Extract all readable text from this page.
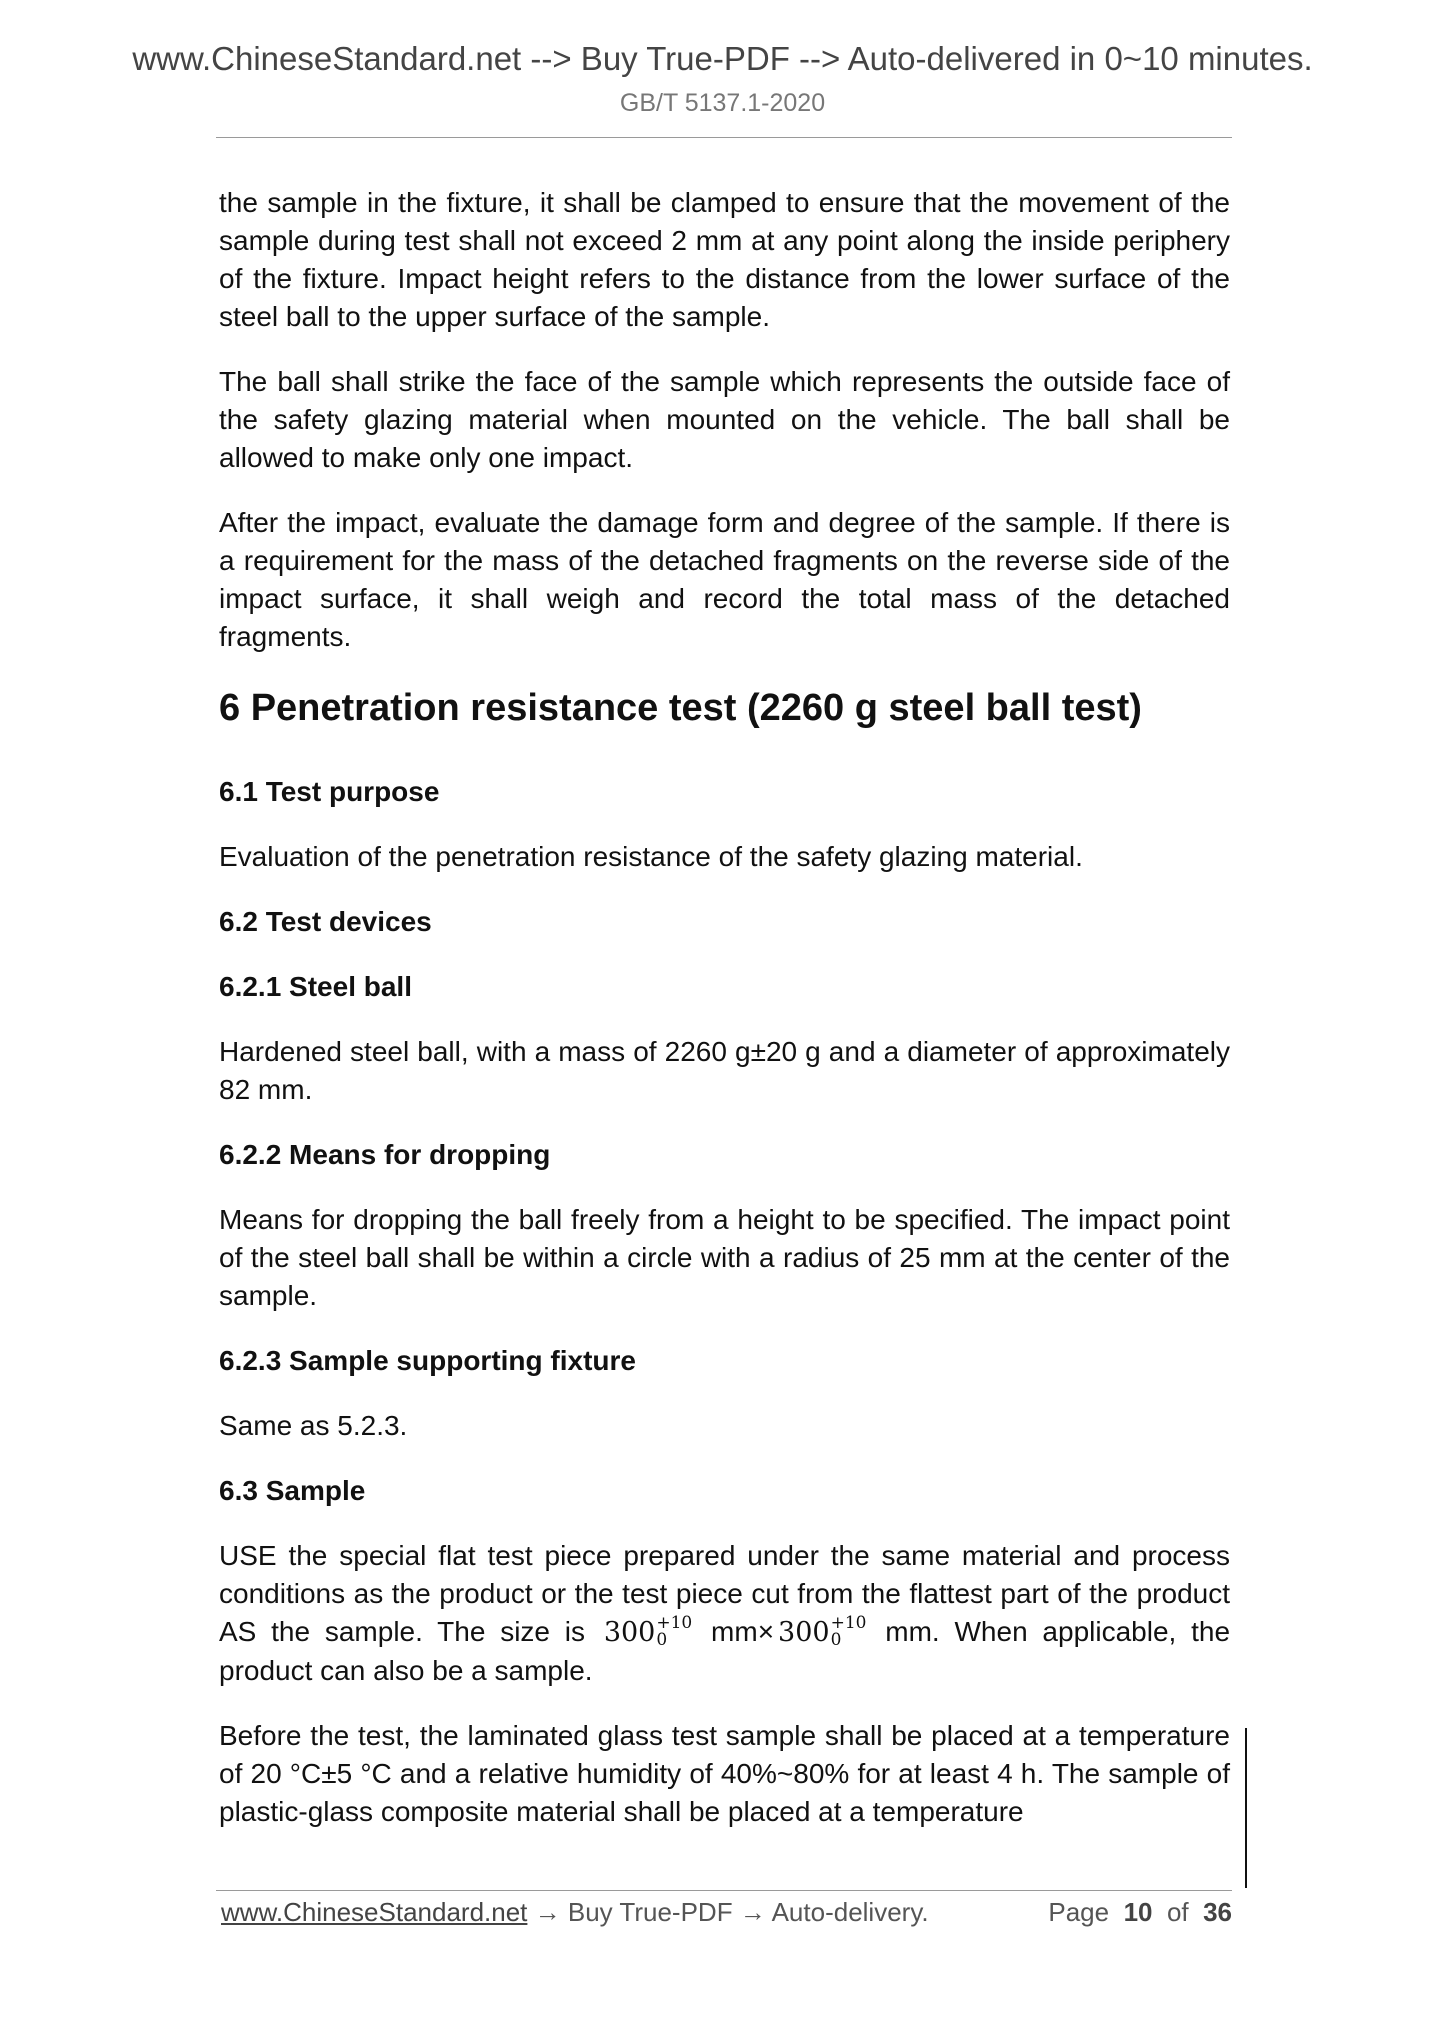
www.ChineseStandard.net --> Buy True-PDF --> Auto-delivered in 0~10 minutes.
GB/T 5137.1-2020

the sample in the fixture, it shall be clamped to ensure that the movement of the sample during test shall not exceed 2 mm at any point along the inside periphery of the fixture. Impact height refers to the distance from the lower surface of the steel ball to the upper surface of the sample.

The ball shall strike the face of the sample which represents the outside face of the safety glazing material when mounted on the vehicle. The ball shall be allowed to make only one impact.

After the impact, evaluate the damage form and degree of the sample. If there is a requirement for the mass of the detached fragments on the reverse side of the impact surface, it shall weigh and record the total mass of the detached fragments.

6 Penetration resistance test (2260 g steel ball test)
6.1 Test purpose

Evaluation of the penetration resistance of the safety glazing material.

6.2 Test devices
6.2.1 Steel ball

Hardened steel ball, with a mass of 2260 g±20 g and a diameter of approximately 82 mm.

6.2.2 Means for dropping

Means for dropping the ball freely from a height to be specified. The impact point of the steel ball shall be within a circle with a radius of 25 mm at the center of the sample.

6.2.3 Sample supporting fixture

Same as 5.2.3.

6.3 Sample

USE the special flat test piece prepared under the same material and process conditions as the product or the test piece cut from the flattest part of the product AS the sample. The size is 300 +10
0	mm× 300 +10
0	mm. When applicable, the product can also be a sample.

Before the test, the laminated glass test sample shall be placed at a temperature of 20 °C±5 °C and a relative humidity of 40%~80% for at least 4 h. The sample of plastic-glass composite material shall be placed at a temperature

www.ChineseStandard.net → Buy True-PDF → Auto-delivery.	Page 10 of 36
